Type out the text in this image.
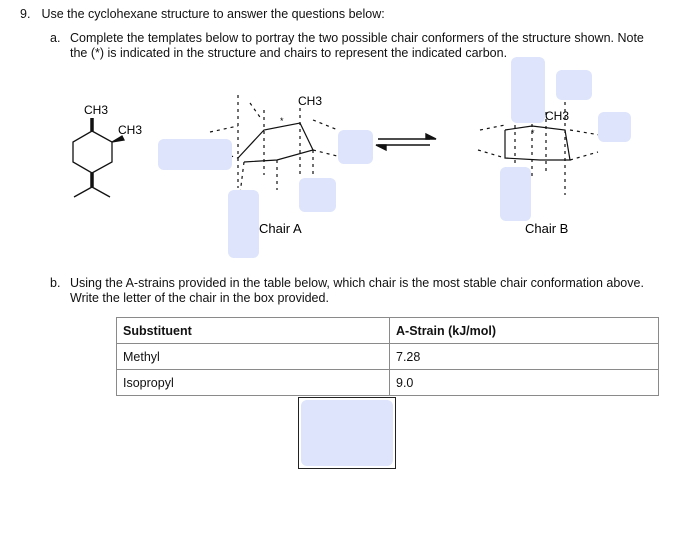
9. Use the cyclohexane structure to answer the questions below:
a. Complete the templates below to portray the two possible chair conformers of the structure shown. Note the (*) is indicated in the structure and chairs to represent the indicated carbon.
CH3
CH3
CH3
*	CH3
*
Chair A	Chair B
b. Using the A-strains provided in the table below, which chair is the most stable chair conformation above. Write the letter of the chair in the box provided.
Substituent	A-Strain (kJ/mol)
Methyl	7.28
Isopropyl	9.0
